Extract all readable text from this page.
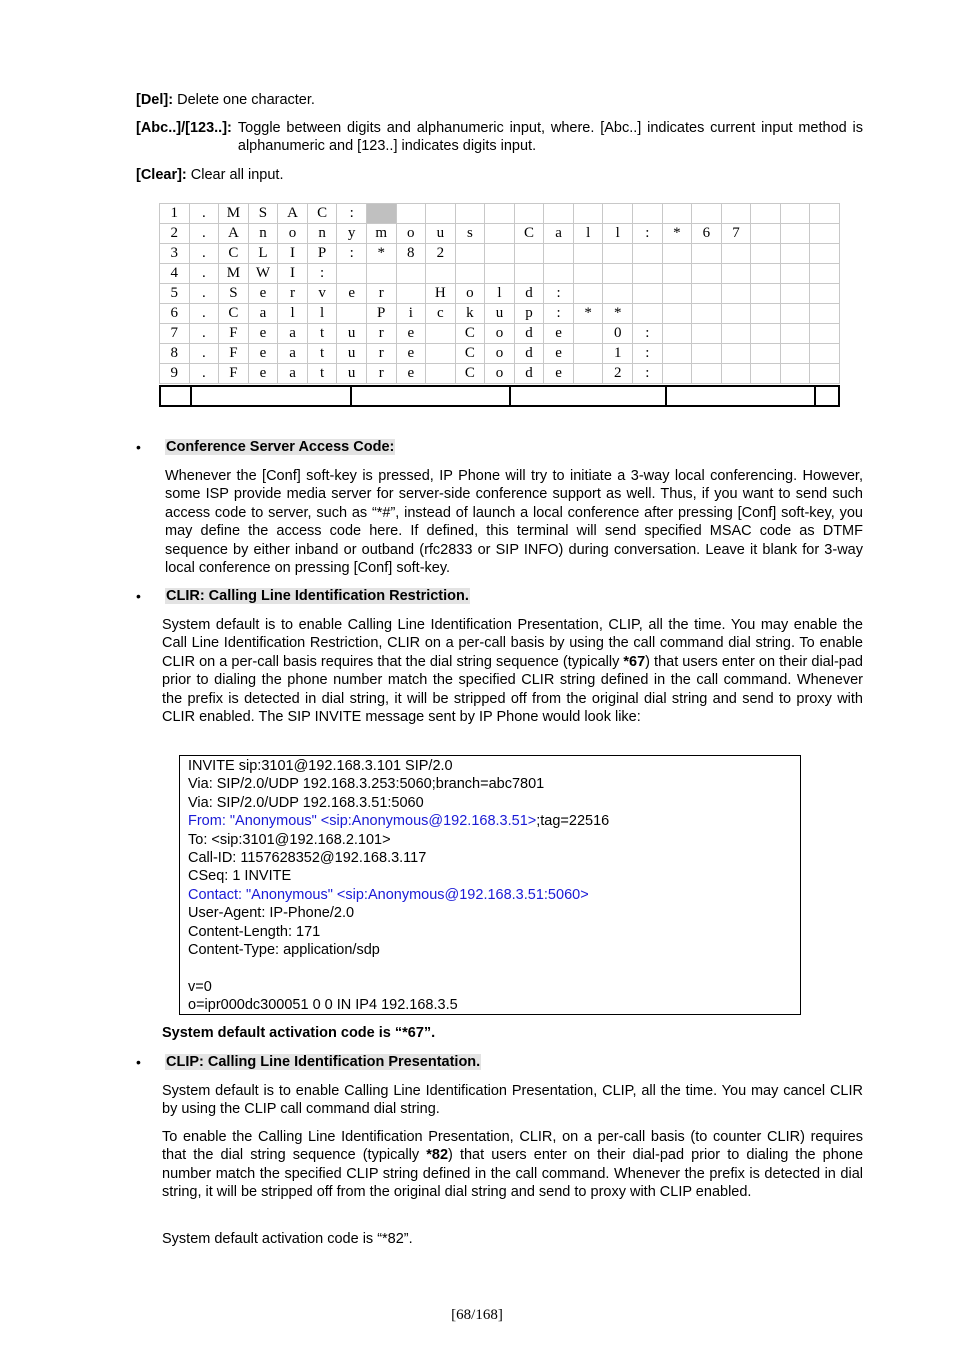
[Del]: Delete one character.
[Abc..]/[123..]: Toggle between digits and alphanumeric input, where. [Abc..] indicates current input method is alphanumeric and [123..] indicates digits input.
[Clear]: Clear all input.
1	.	M	S	A	C	:																
2	.	A	n	o	n	y	m	o	u	s		C	a	l	l	:	*	6	7			
3	.	C	L	I	P	:	*	8	2													
4	.	M	W	I	:																	
5	.	S	e	r	v	e	r		H	o	l	d	:									
6	.	C	a	l	l		P	i	c	k	u	p	:	*	*							
7	.	F	e	a	t	u	r	e		C	o	d	e		0	:						
8	.	F	e	a	t	u	r	e		C	o	d	e		1	:						
9	.	F	e	a	t	u	r	e		C	o	d	e		2	:						
• Conference Server Access Code:
Whenever the [Conf] soft-key is pressed, IP Phone will try to initiate a 3-way local conferencing. However, some ISP provide media server for server-side conference support as well. Thus, if you want to send such access code to server, such as “*#”, instead of launch a local conference after pressing [Conf] soft-key, you may define the access code here. If defined, this terminal will send specified MSAC code as DTMF sequence by either inband or outband (rfc2833 or SIP INFO) during conversation. Leave it blank for 3-way local conference on pressing [Conf] soft-key.
• CLIR: Calling Line Identification Restriction.
System default is to enable Calling Line Identification Presentation, CLIP, all the time. You may enable the Call Line Identification Restriction, CLIR on a per-call basis by using the call command dial string. To enable CLIR on a per-call basis requires that the dial string sequence (typically *67) that users enter on their dial-pad prior to dialing the phone number match the specified CLIR string defined in the call command. Whenever the prefix is detected in dial string, it will be stripped off from the original dial string and send to proxy with CLIR enabled. The SIP INVITE message sent by IP Phone would look like:
INVITE sip:3101@192.168.3.101 SIP/2.0
Via: SIP/2.0/UDP 192.168.3.253:5060;branch=abc7801
Via: SIP/2.0/UDP 192.168.3.51:5060
From: "Anonymous" <sip:Anonymous@192.168.3.51>;tag=22516
To: <sip:3101@192.168.2.101>
Call-ID: 1157628352@192.168.3.117
CSeq: 1 INVITE
Contact: "Anonymous" <sip:Anonymous@192.168.3.51:5060>
User-Agent: IP-Phone/2.0
Content-Length: 171
Content-Type: application/sdp
v=0
o=ipr000dc300051 0 0 IN IP4 192.168.3.5
System default activation code is “*67”.
• CLIP: Calling Line Identification Presentation.
System default is to enable Calling Line Identification Presentation, CLIP, all the time. You may cancel CLIR by using the CLIP call command dial string.
To enable the Calling Line Identification Presentation, CLIR, on a per-call basis (to counter CLIR) requires that the dial string sequence (typically *82) that users enter on their dial-pad prior to dialing the phone number match the specified CLIP string defined in the call command. Whenever the prefix is detected in dial string, it will be stripped off from the original dial string and send to proxy with CLIP enabled.
System default activation code is “*82”.
[68/168]
